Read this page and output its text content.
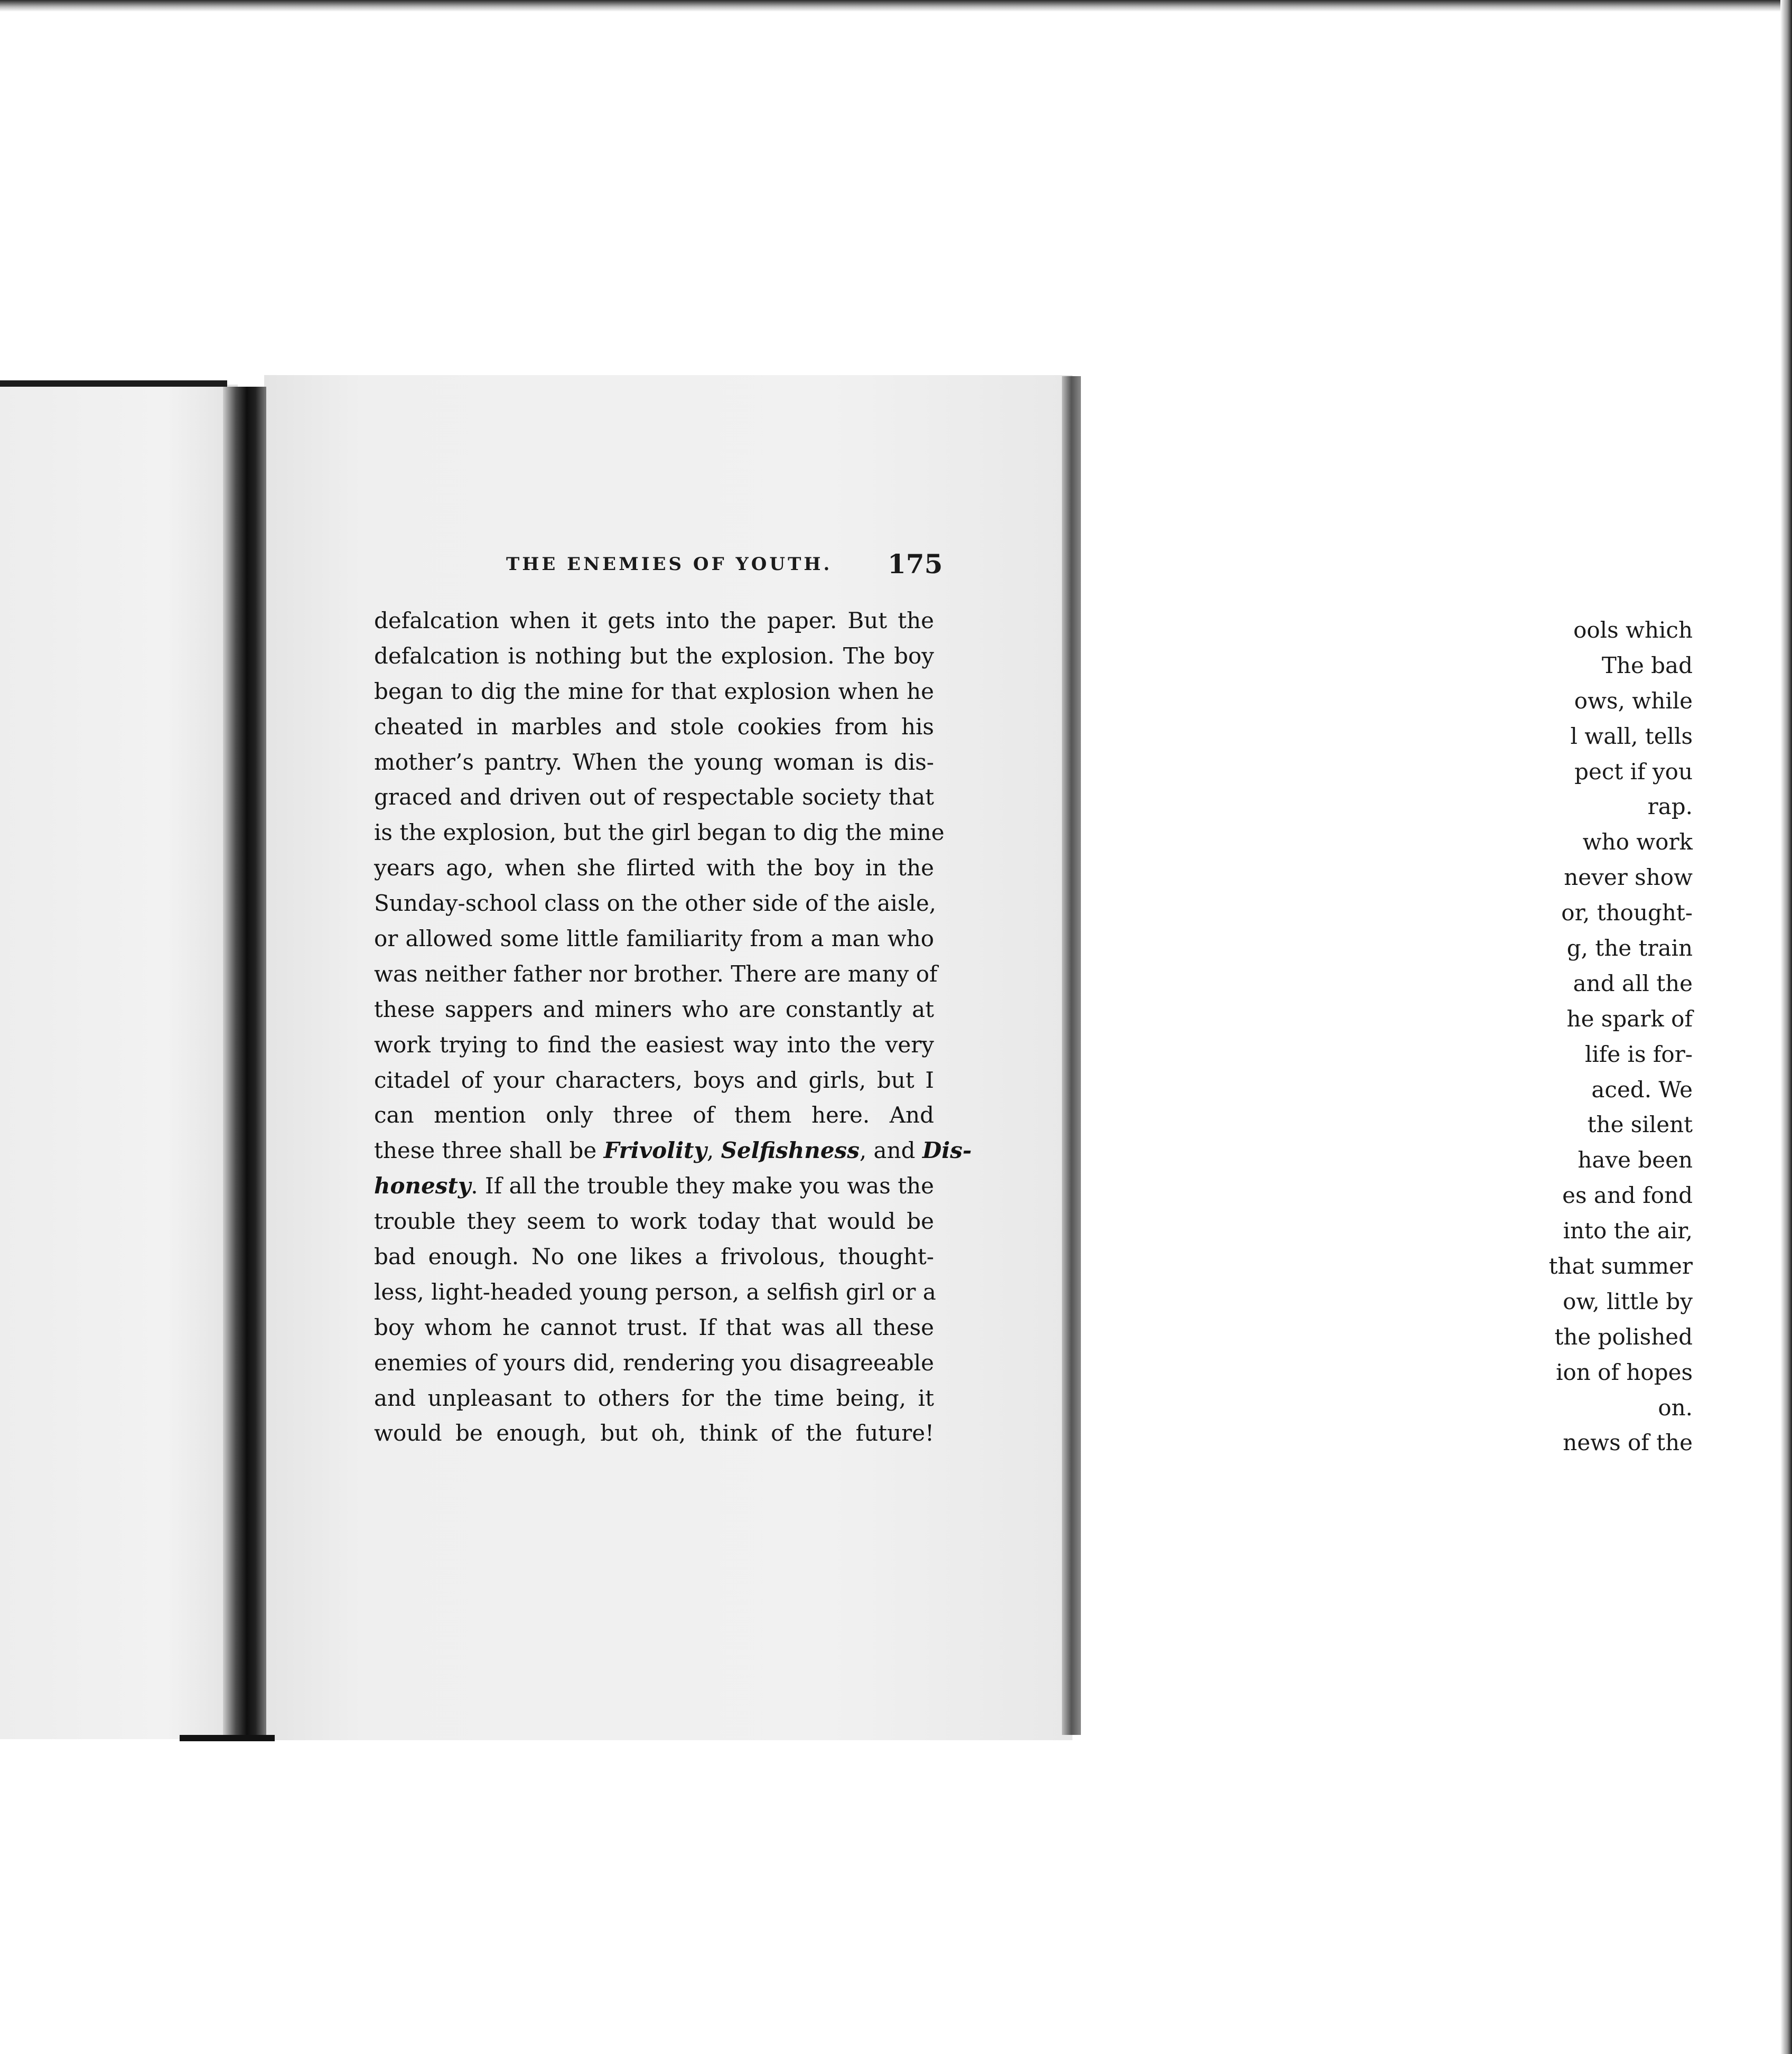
ools which
The bad
ows, while
l wall, tells
pect if you
rap.
who work
never show
or, thought-
g, the train
and all the
he spark of
life is for-
aced. We
the silent
have been
es and fond
into the air,
that summer
ow, little by
the polished
ion of hopes
on.
news of the
THE ENEMIES OF YOUTH. 175
defalcation when it gets into the paper. But the
defalcation is nothing but the explosion. The boy
began to dig the mine for that explosion when he
cheated in marbles and stole cookies from his
mother’s pantry. When the young woman is dis-
graced and driven out of respectable society that
is the explosion, but the girl began to dig the mine
years ago, when she flirted with the boy in the
Sunday-school class on the other side of the aisle,
or allowed some little familiarity from a man who
was neither father nor brother. There are many of
these sappers and miners who are constantly at
work trying to find the easiest way into the very
citadel of your characters, boys and girls, but I
can mention only three of them here. And
these three shall be Frivolity, Selfishness, and Dis-
honesty. If all the trouble they make you was the
trouble they seem to work today that would be
bad enough. No one likes a frivolous, thought-
less, light-headed young person, a selfish girl or a
boy whom he cannot trust. If that was all these
enemies of yours did, rendering you disagreeable
and unpleasant to others for the time being, it
would be enough, but oh, think of the future!
